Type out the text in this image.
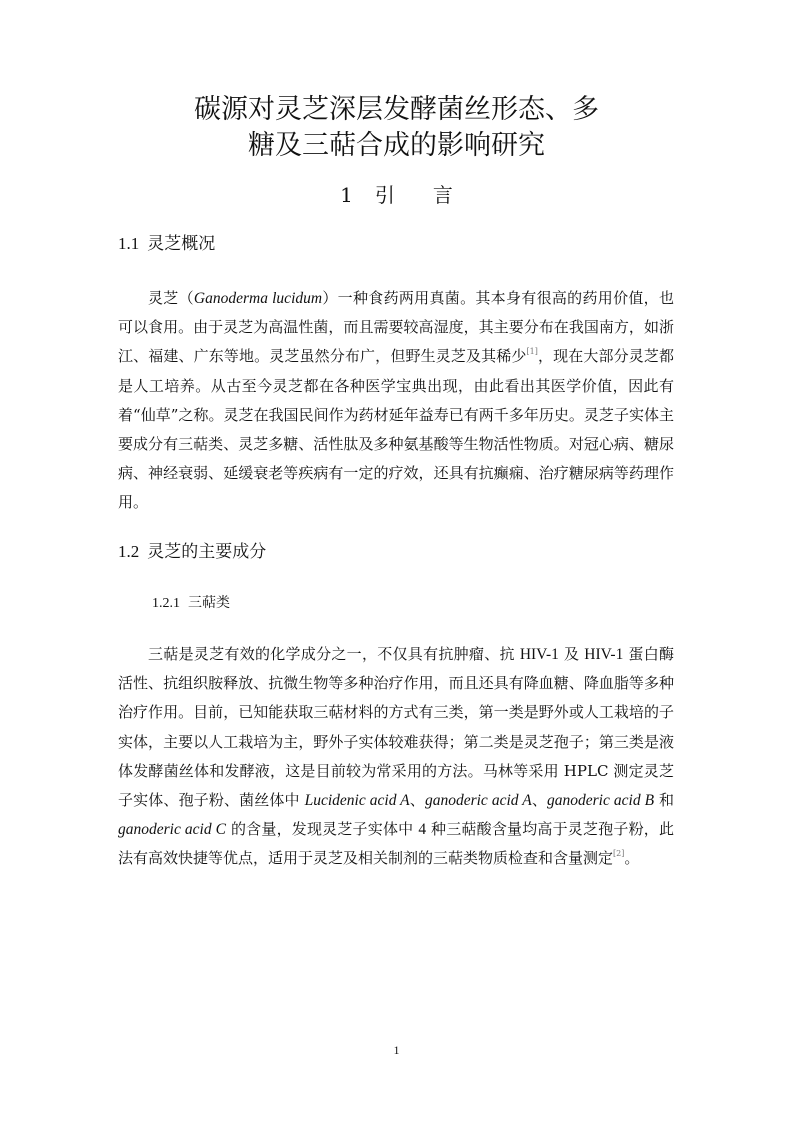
碳源对灵芝深层发酵菌丝形态、多
糖及三萜合成的影响研究
1 引 言
1.1 灵芝概况
灵芝（Ganoderma lucidum）一种食药两用真菌。其本身有很高的药用价值，也可以食用。由于灵芝为高温性菌，而且需要较高湿度，其主要分布在我国南方，如浙江、福建、广东等地。灵芝虽然分布广，但野生灵芝及其稀少[1]，现在大部分灵芝都是人工培养。从古至今灵芝都在各种医学宝典出现，由此看出其医学价值，因此有着“仙草”之称。灵芝在我国民间作为药材延年益寿已有两千多年历史。灵芝子实体主要成分有三萜类、灵芝多糖、活性肽及多种氨基酸等生物活性物质。对冠心病、糖尿病、神经衰弱、延缓衰老等疾病有一定的疗效，还具有抗癫痫、治疗糖尿病等药理作用。
1.2 灵芝的主要成分
1.2.1 三萜类
三萜是灵芝有效的化学成分之一，不仅具有抗肿瘤、抗 HIV-1 及 HIV-1 蛋白酶活性、抗组织胺释放、抗微生物等多种治疗作用，而且还具有降血糖、降血脂等多种治疗作用。目前，已知能获取三萜材料的方式有三类，第一类是野外或人工栽培的子实体，主要以人工栽培为主，野外子实体较难获得；第二类是灵芝孢子；第三类是液体发酵菌丝体和发酵液，这是目前较为常采用的方法。马林等采用 HPLC 测定灵芝子实体、孢子粉、菌丝体中 Lucidenic acid A、ganoderic acid A、ganoderic acid B 和 ganoderic acid C 的含量，发现灵芝子实体中 4 种三萜酸含量均高于灵芝孢子粉，此法有高效快捷等优点，适用于灵芝及相关制剂的三萜类物质检查和含量测定[2]。
1
